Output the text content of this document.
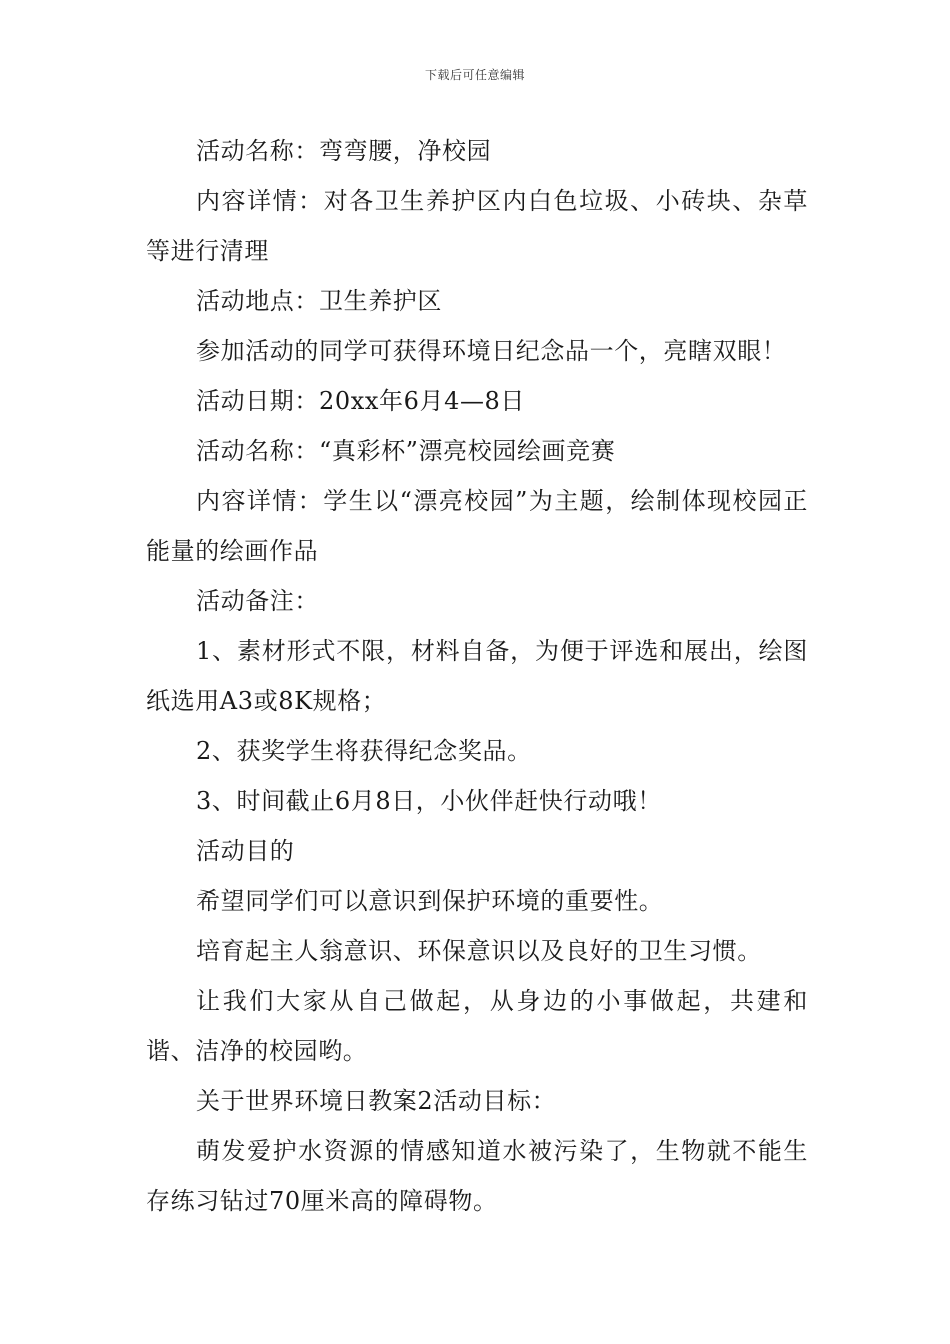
下载后可任意编辑

活动名称：弯弯腰，净校园

内容详情：对各卫生养护区内白色垃圾、小砖块、杂草等进行清理

活动地点：卫生养护区

参加活动的同学可获得环境日纪念品一个，亮瞎双眼！

活动日期：20xx年6月4—8日

活动名称：“真彩杯”漂亮校园绘画竞赛

内容详情：学生以“漂亮校园”为主题，绘制体现校园正能量的绘画作品

活动备注：

1、素材形式不限，材料自备，为便于评选和展出，绘图纸选用A3或8K规格；

2、获奖学生将获得纪念奖品。

3、时间截止6月8日，小伙伴赶快行动哦！

活动目的

希望同学们可以意识到保护环境的重要性。

培育起主人翁意识、环保意识以及良好的卫生习惯。

让我们大家从自己做起，从身边的小事做起，共建和谐、洁净的校园哟。

关于世界环境日教案2活动目标：

萌发爱护水资源的情感知道水被污染了，生物就不能生存练习钻过70厘米高的障碍物。
